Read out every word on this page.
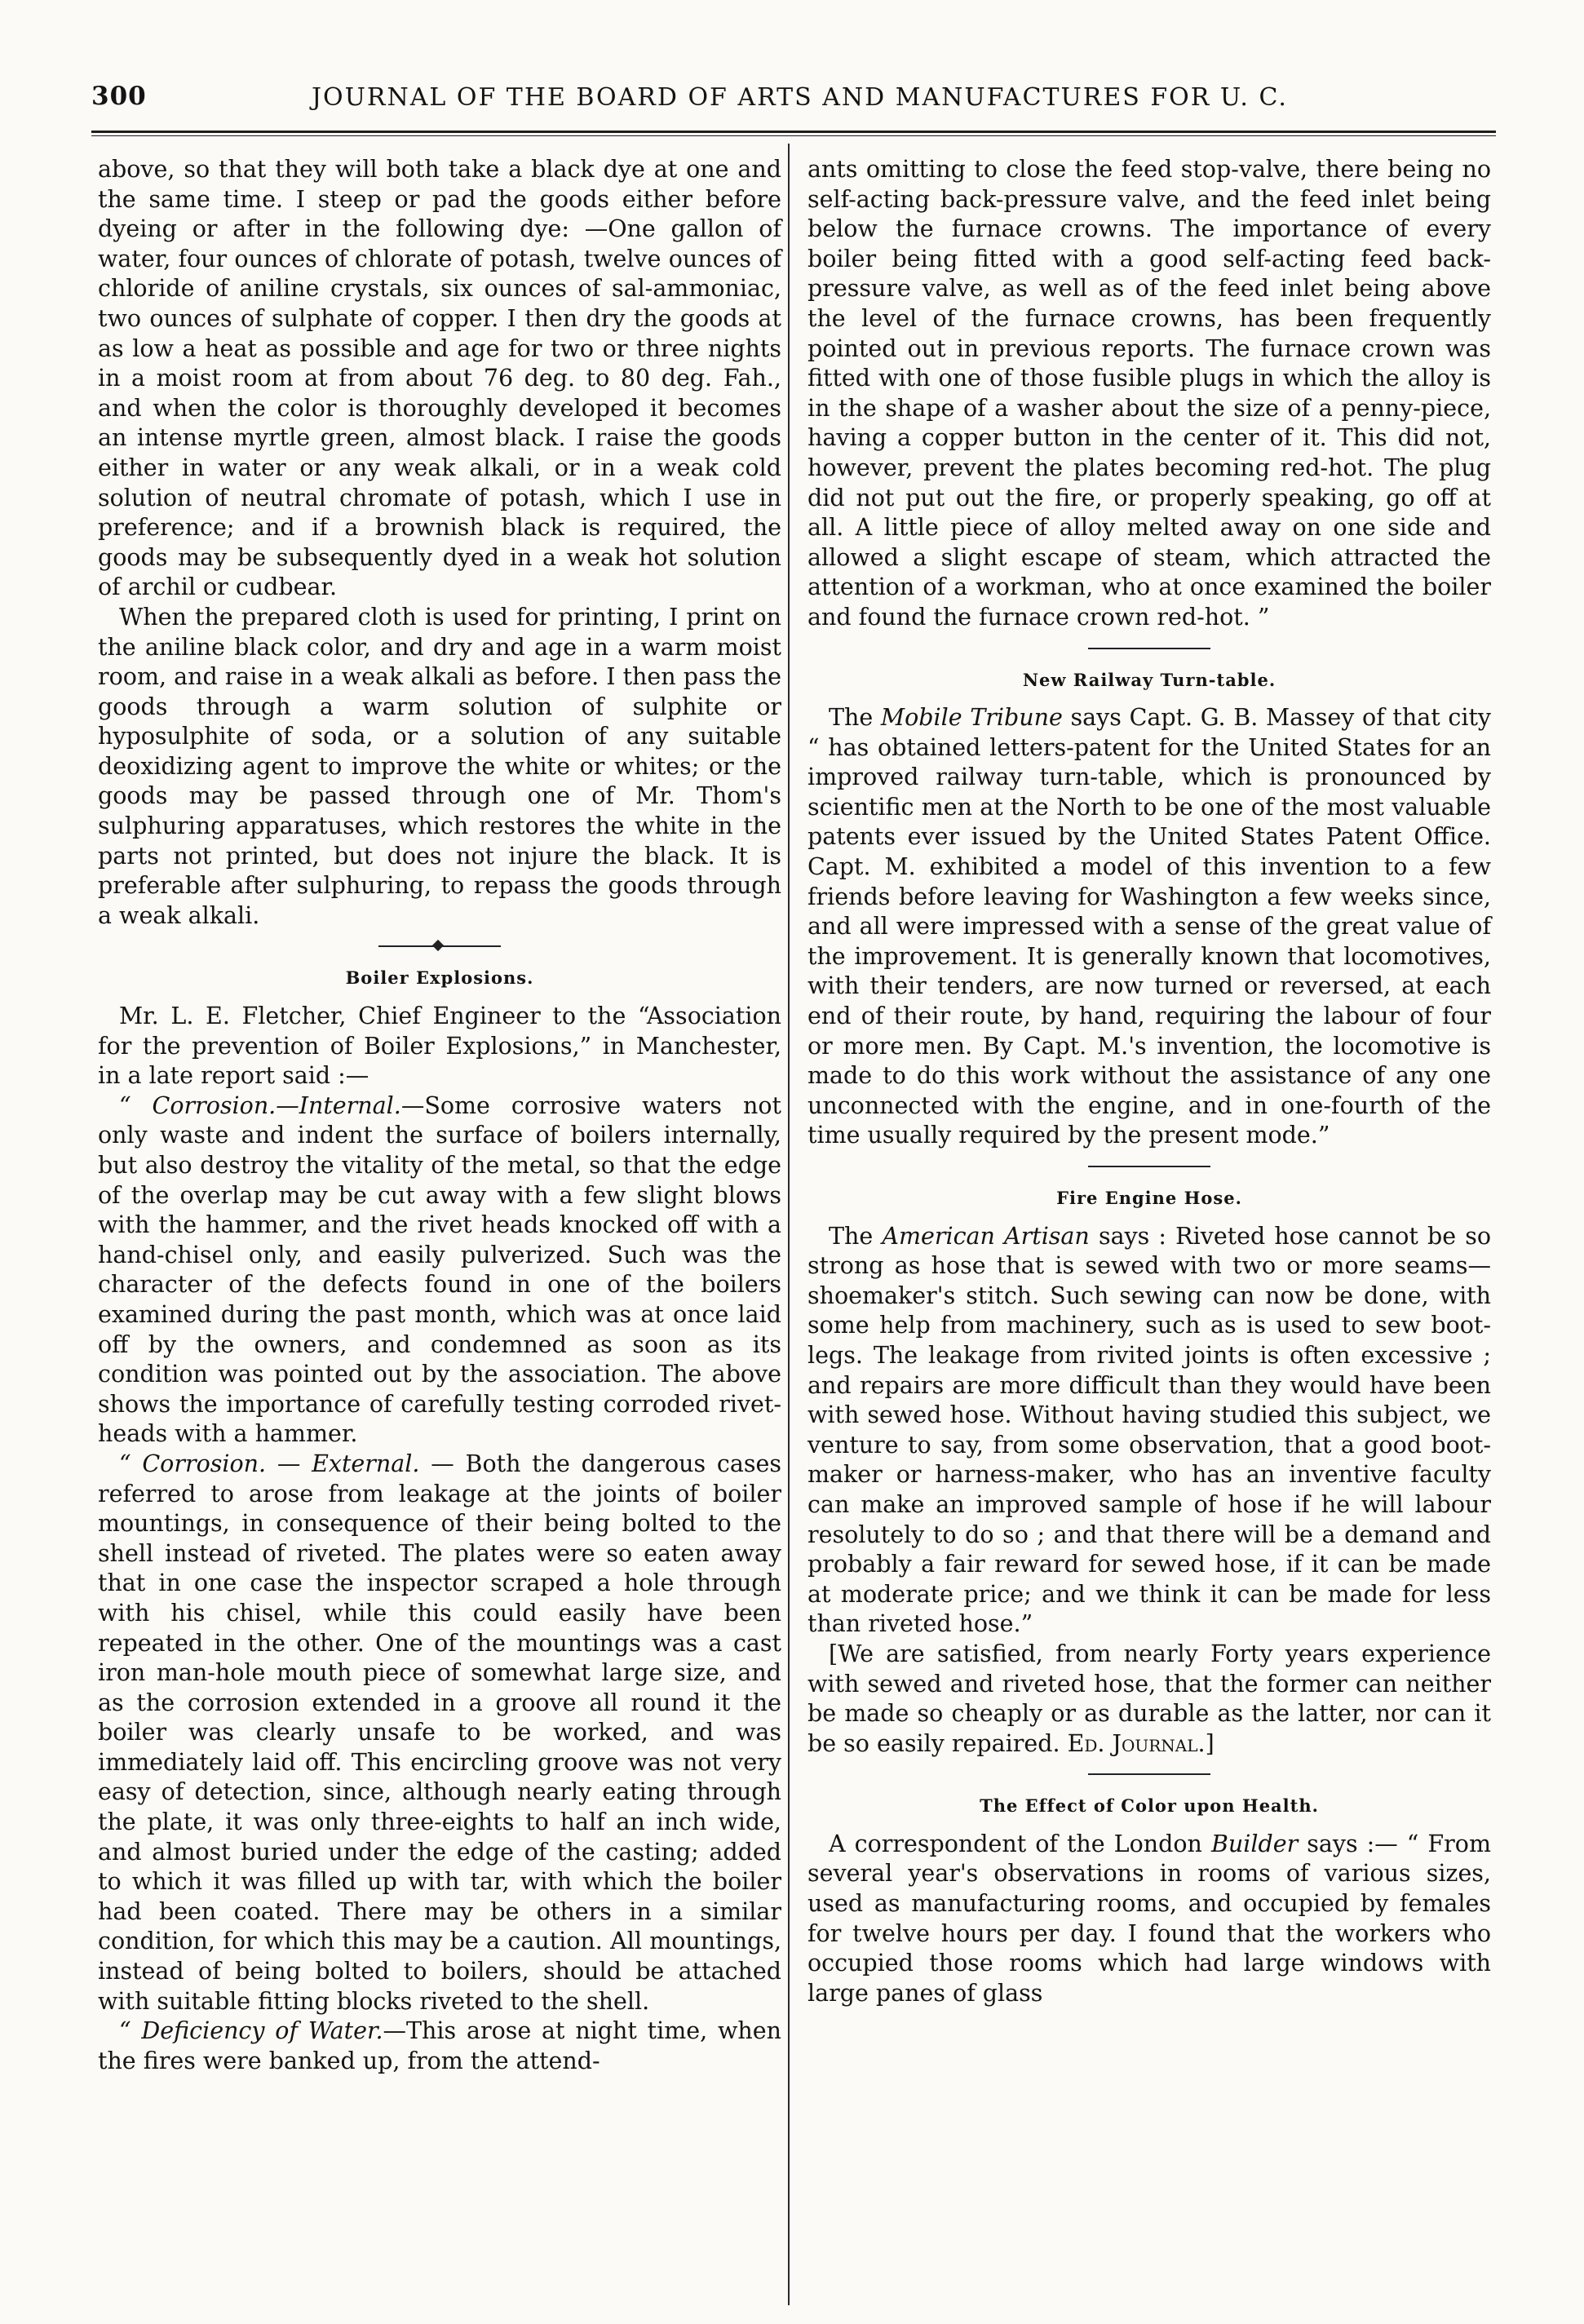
300	JOURNAL OF THE BOARD OF ARTS AND MANUFACTURES FOR U. C.

above, so that they will both take a black dye at one and the same time. I steep or pad the goods either before dyeing or after in the following dye: —One gallon of water, four ounces of chlorate of potash, twelve ounces of chloride of aniline crystals, six ounces of sal-ammoniac, two ounces of sulphate of copper. I then dry the goods at as low a heat as possible and age for two or three nights in a moist room at from about 76 deg. to 80 deg. Fah., and when the color is thoroughly developed it becomes an intense myrtle green, almost black. I raise the goods either in water or any weak alkali, or in a weak cold solution of neutral chromate of potash, which I use in preference; and if a brownish black is required, the goods may be subsequently dyed in a weak hot solution of archil or cudbear.

When the prepared cloth is used for printing, I print on the aniline black color, and dry and age in a warm moist room, and raise in a weak alkali as before. I then pass the goods through a warm solution of sulphite or hyposulphite of soda, or a solution of any suitable deoxidizing agent to improve the white or whites; or the goods may be passed through one of Mr. Thom's sulphuring apparatuses, which restores the white in the parts not printed, but does not injure the black. It is preferable after sulphuring, to repass the goods through a weak alkali.

Boiler Explosions.

Mr. L. E. Fletcher, Chief Engineer to the “Association for the prevention of Boiler Explosions,” in Manchester, in a late report said :—

“ Corrosion.—Internal.—Some corrosive waters not only waste and indent the surface of boilers internally, but also destroy the vitality of the metal, so that the edge of the overlap may be cut away with a few slight blows with the hammer, and the rivet heads knocked off with a hand-chisel only, and easily pulverized. Such was the character of the defects found in one of the boilers examined during the past month, which was at once laid off by the owners, and condemned as soon as its condition was pointed out by the association. The above shows the importance of carefully testing corroded rivet-heads with a hammer.

“ Corrosion. — External. — Both the dangerous cases referred to arose from leakage at the joints of boiler mountings, in consequence of their being bolted to the shell instead of riveted. The plates were so eaten away that in one case the inspector scraped a hole through with his chisel, while this could easily have been repeated in the other. One of the mountings was a cast iron man-hole mouth piece of somewhat large size, and as the corrosion extended in a groove all round it the boiler was clearly unsafe to be worked, and was immediately laid off. This encircling groove was not very easy of detection, since, although nearly eating through the plate, it was only three-eights to half an inch wide, and almost buried under the edge of the casting; added to which it was filled up with tar, with which the boiler had been coated. There may be others in a similar condition, for which this may be a caution. All mountings, instead of being bolted to boilers, should be attached with suitable fitting blocks riveted to the shell.

“ Deficiency of Water.—This arose at night time, when the fires were banked up, from the attend-

ants omitting to close the feed stop-valve, there being no self-acting back-pressure valve, and the feed inlet being below the furnace crowns. The importance of every boiler being fitted with a good self-acting feed back-pressure valve, as well as of the feed inlet being above the level of the furnace crowns, has been frequently pointed out in previous reports. The furnace crown was fitted with one of those fusible plugs in which the alloy is in the shape of a washer about the size of a penny-piece, having a copper button in the center of it. This did not, however, prevent the plates becoming red-hot. The plug did not put out the fire, or properly speaking, go off at all. A little piece of alloy melted away on one side and allowed a slight escape of steam, which attracted the attention of a workman, who at once examined the boiler and found the furnace crown red-hot. ”

New Railway Turn-table.

The Mobile Tribune says Capt. G. B. Massey of that city “ has obtained letters-patent for the United States for an improved railway turn-table, which is pronounced by scientific men at the North to be one of the most valuable patents ever issued by the United States Patent Office. Capt. M. exhibited a model of this invention to a few friends before leaving for Washington a few weeks since, and all were impressed with a sense of the great value of the improvement. It is generally known that locomotives, with their tenders, are now turned or reversed, at each end of their route, by hand, requiring the labour of four or more men. By Capt. M.'s invention, the locomotive is made to do this work without the assistance of any one unconnected with the engine, and in one-fourth of the time usually required by the present mode.”

Fire Engine Hose.

The American Artisan says : Riveted hose cannot be so strong as hose that is sewed with two or more seams—shoemaker's stitch. Such sewing can now be done, with some help from machinery, such as is used to sew boot-legs. The leakage from rivited joints is often excessive ; and repairs are more difficult than they would have been with sewed hose. Without having studied this subject, we venture to say, from some observation, that a good boot-maker or harness-maker, who has an inventive faculty can make an improved sample of hose if he will labour resolutely to do so ; and that there will be a demand and probably a fair reward for sewed hose, if it can be made at moderate price; and we think it can be made for less than riveted hose.”

[We are satisfied, from nearly Forty years experience with sewed and riveted hose, that the former can neither be made so cheaply or as durable as the latter, nor can it be so easily repaired. Ed. Journal.]

The Effect of Color upon Health.

A correspondent of the London Builder says :— “ From several year's observations in rooms of various sizes, used as manufacturing rooms, and occupied by females for twelve hours per day. I found that the workers who occupied those rooms which had large windows with large panes of glass
